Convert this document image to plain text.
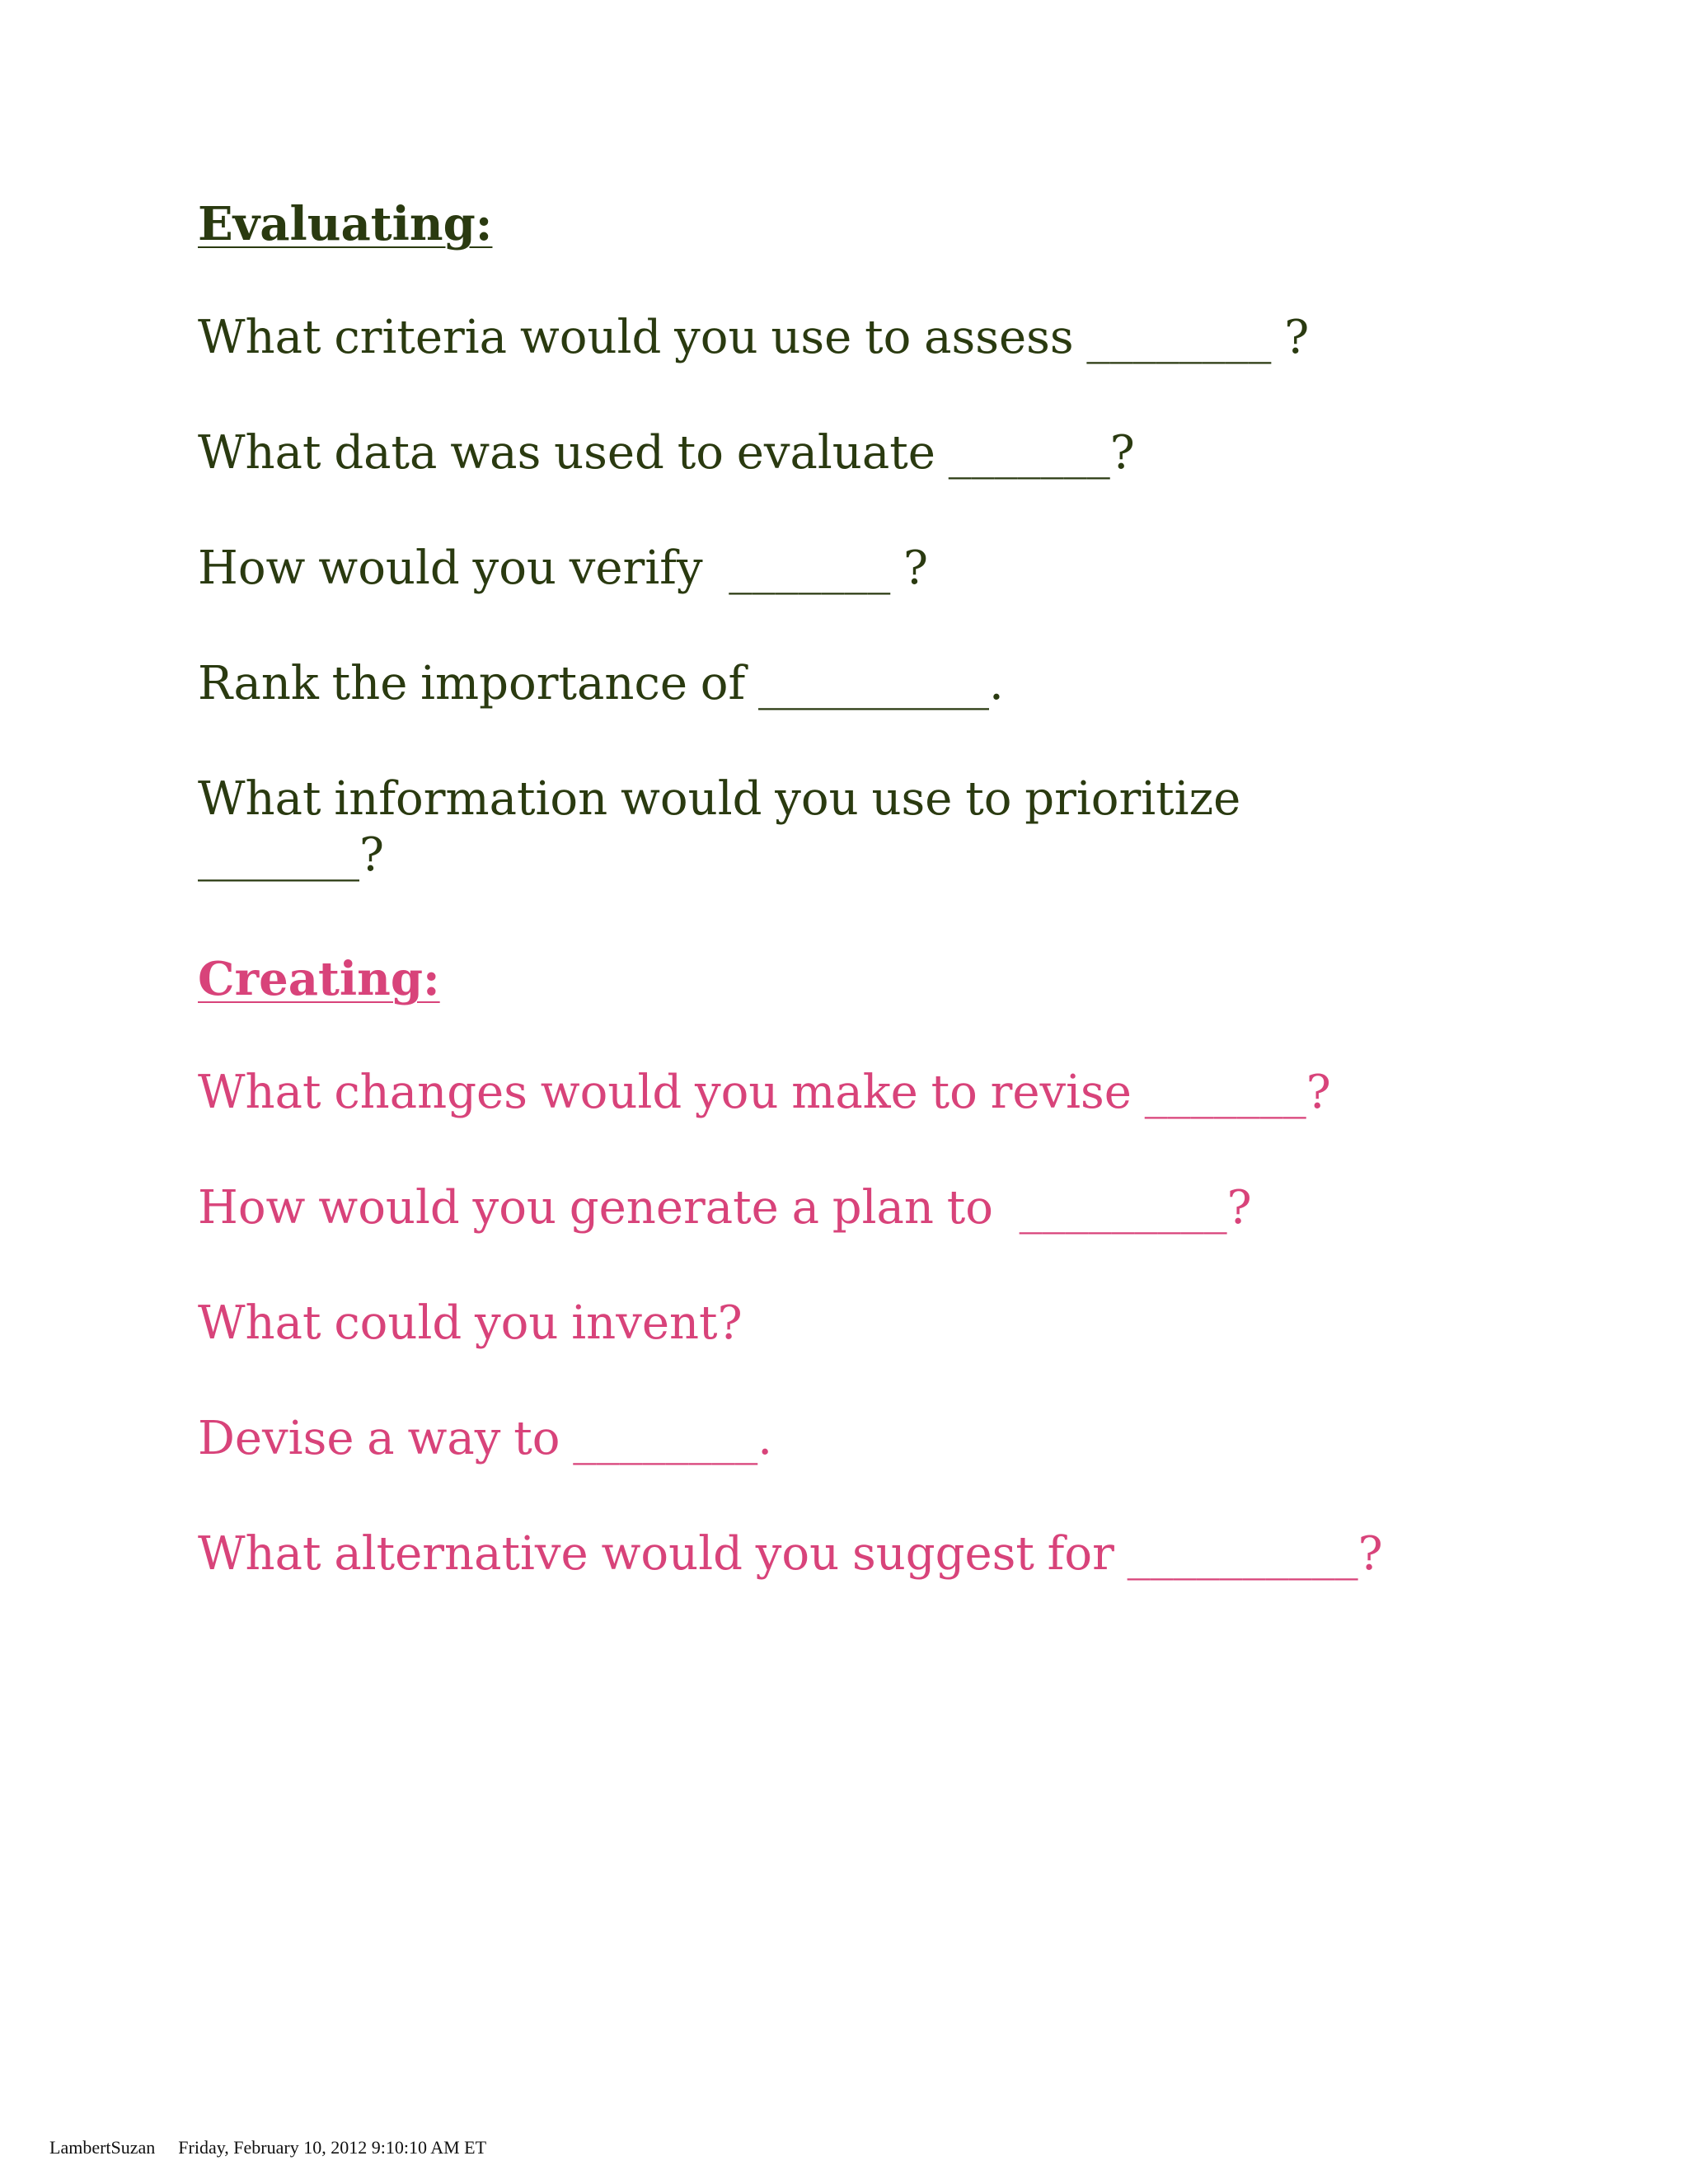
Evaluating:
What criteria would you use to assess ________ ?
What data was used to evaluate _______?
How would you verify  _______ ?
Rank the importance of __________.
What information would you use to prioritize _______?
Creating:
What changes would you make to revise _______?
How would you generate a plan to  _________?
What could you invent?
Devise a way to ________.
What alternative would you suggest for __________?
LambertSuzan Friday, February 10, 2012 9:10:10 AM ET
